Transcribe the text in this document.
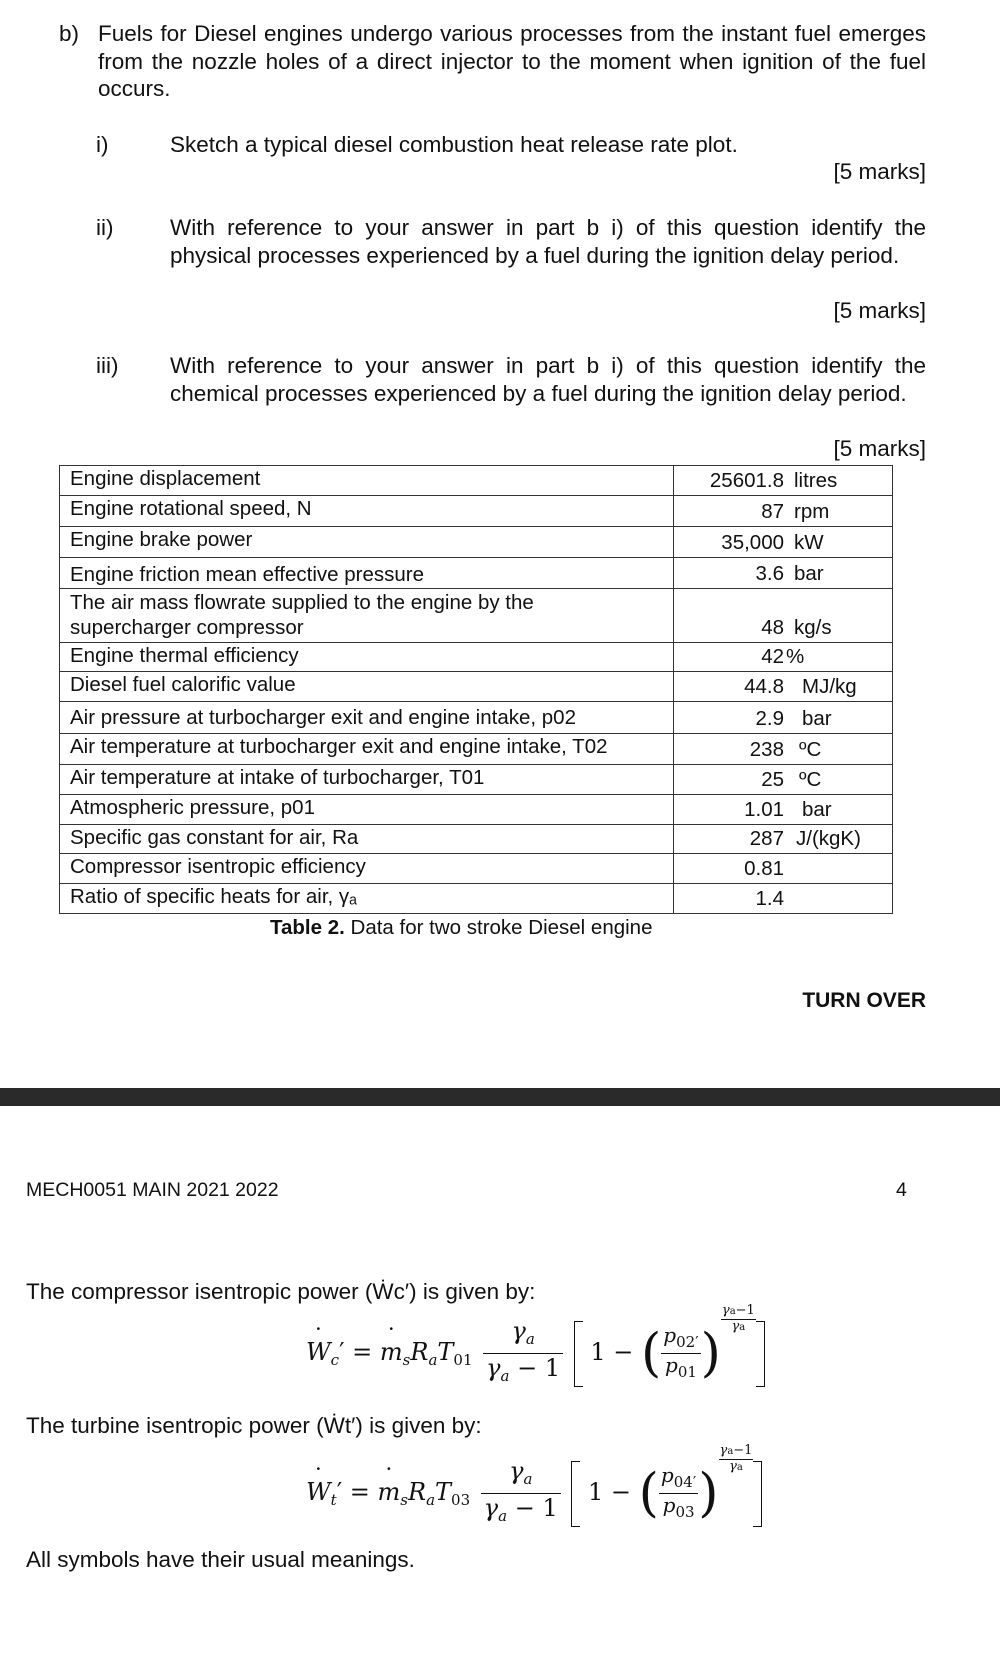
b) Fuels for Diesel engines undergo various processes from the instant fuel emerges from the nozzle holes of a direct injector to the moment when ignition of the fuel occurs.
i)	Sketch a typical diesel combustion heat release rate plot.
[5 marks]
ii)	With reference to your answer in part b i) of this question identify the physical processes experienced by a fuel during the ignition delay period.
[5 marks]
iii) With reference to your answer in part b i) of this question identify the chemical processes experienced by a fuel during the ignition delay period.
[5 marks]
Engine displacement	25601.8 litres
Engine rotational speed, N	87 rpm
Engine brake power	35,000 kW
Engine friction mean effective pressure	3.6 bar
The air mass flowrate supplied to the engine by the supercharger compressor	48 kg/s
Engine thermal efficiency	42 %
Diesel fuel calorific value	44.8 MJ/kg
Air pressure at turbocharger exit and engine intake, p02	2.9 bar
Air temperature at turbocharger exit and engine intake, T02	238 ºC
Air temperature at intake of turbocharger, T01	25 ºC
Atmospheric pressure, p01	1.01 bar
Specific gas constant for air, Ra	287 J/(kgK)
Compressor isentropic efficiency	0.81
Ratio of specific heats for air, γₐ	1.4
Table 2. Data for two stroke Diesel engine
TURN OVER
MECH0051 MAIN 2021 2022	4
The compressor isentropic power (Ẇc′) is given by:
W $˙_c' = m$ $˙_sR_aT_{01} \frac{\gamma_a}{\gamma_a - 1} 1$ − ( $\frac{p_{02'}}{p_{01}}$ )
$\frac{\gamma a-1}{\gamma a}$
The turbine isentropic power (Ẇt′) is given by:
W $˙_t' = m$ $˙_sR_aT_{03} \frac{\gamma_a}{\gamma_a - 1} 1$ − ( $\frac{p_{04'}}{p_{03}}$ )
$\frac{\gamma a-1}{\gamma a}$
All symbols have their usual meanings.
